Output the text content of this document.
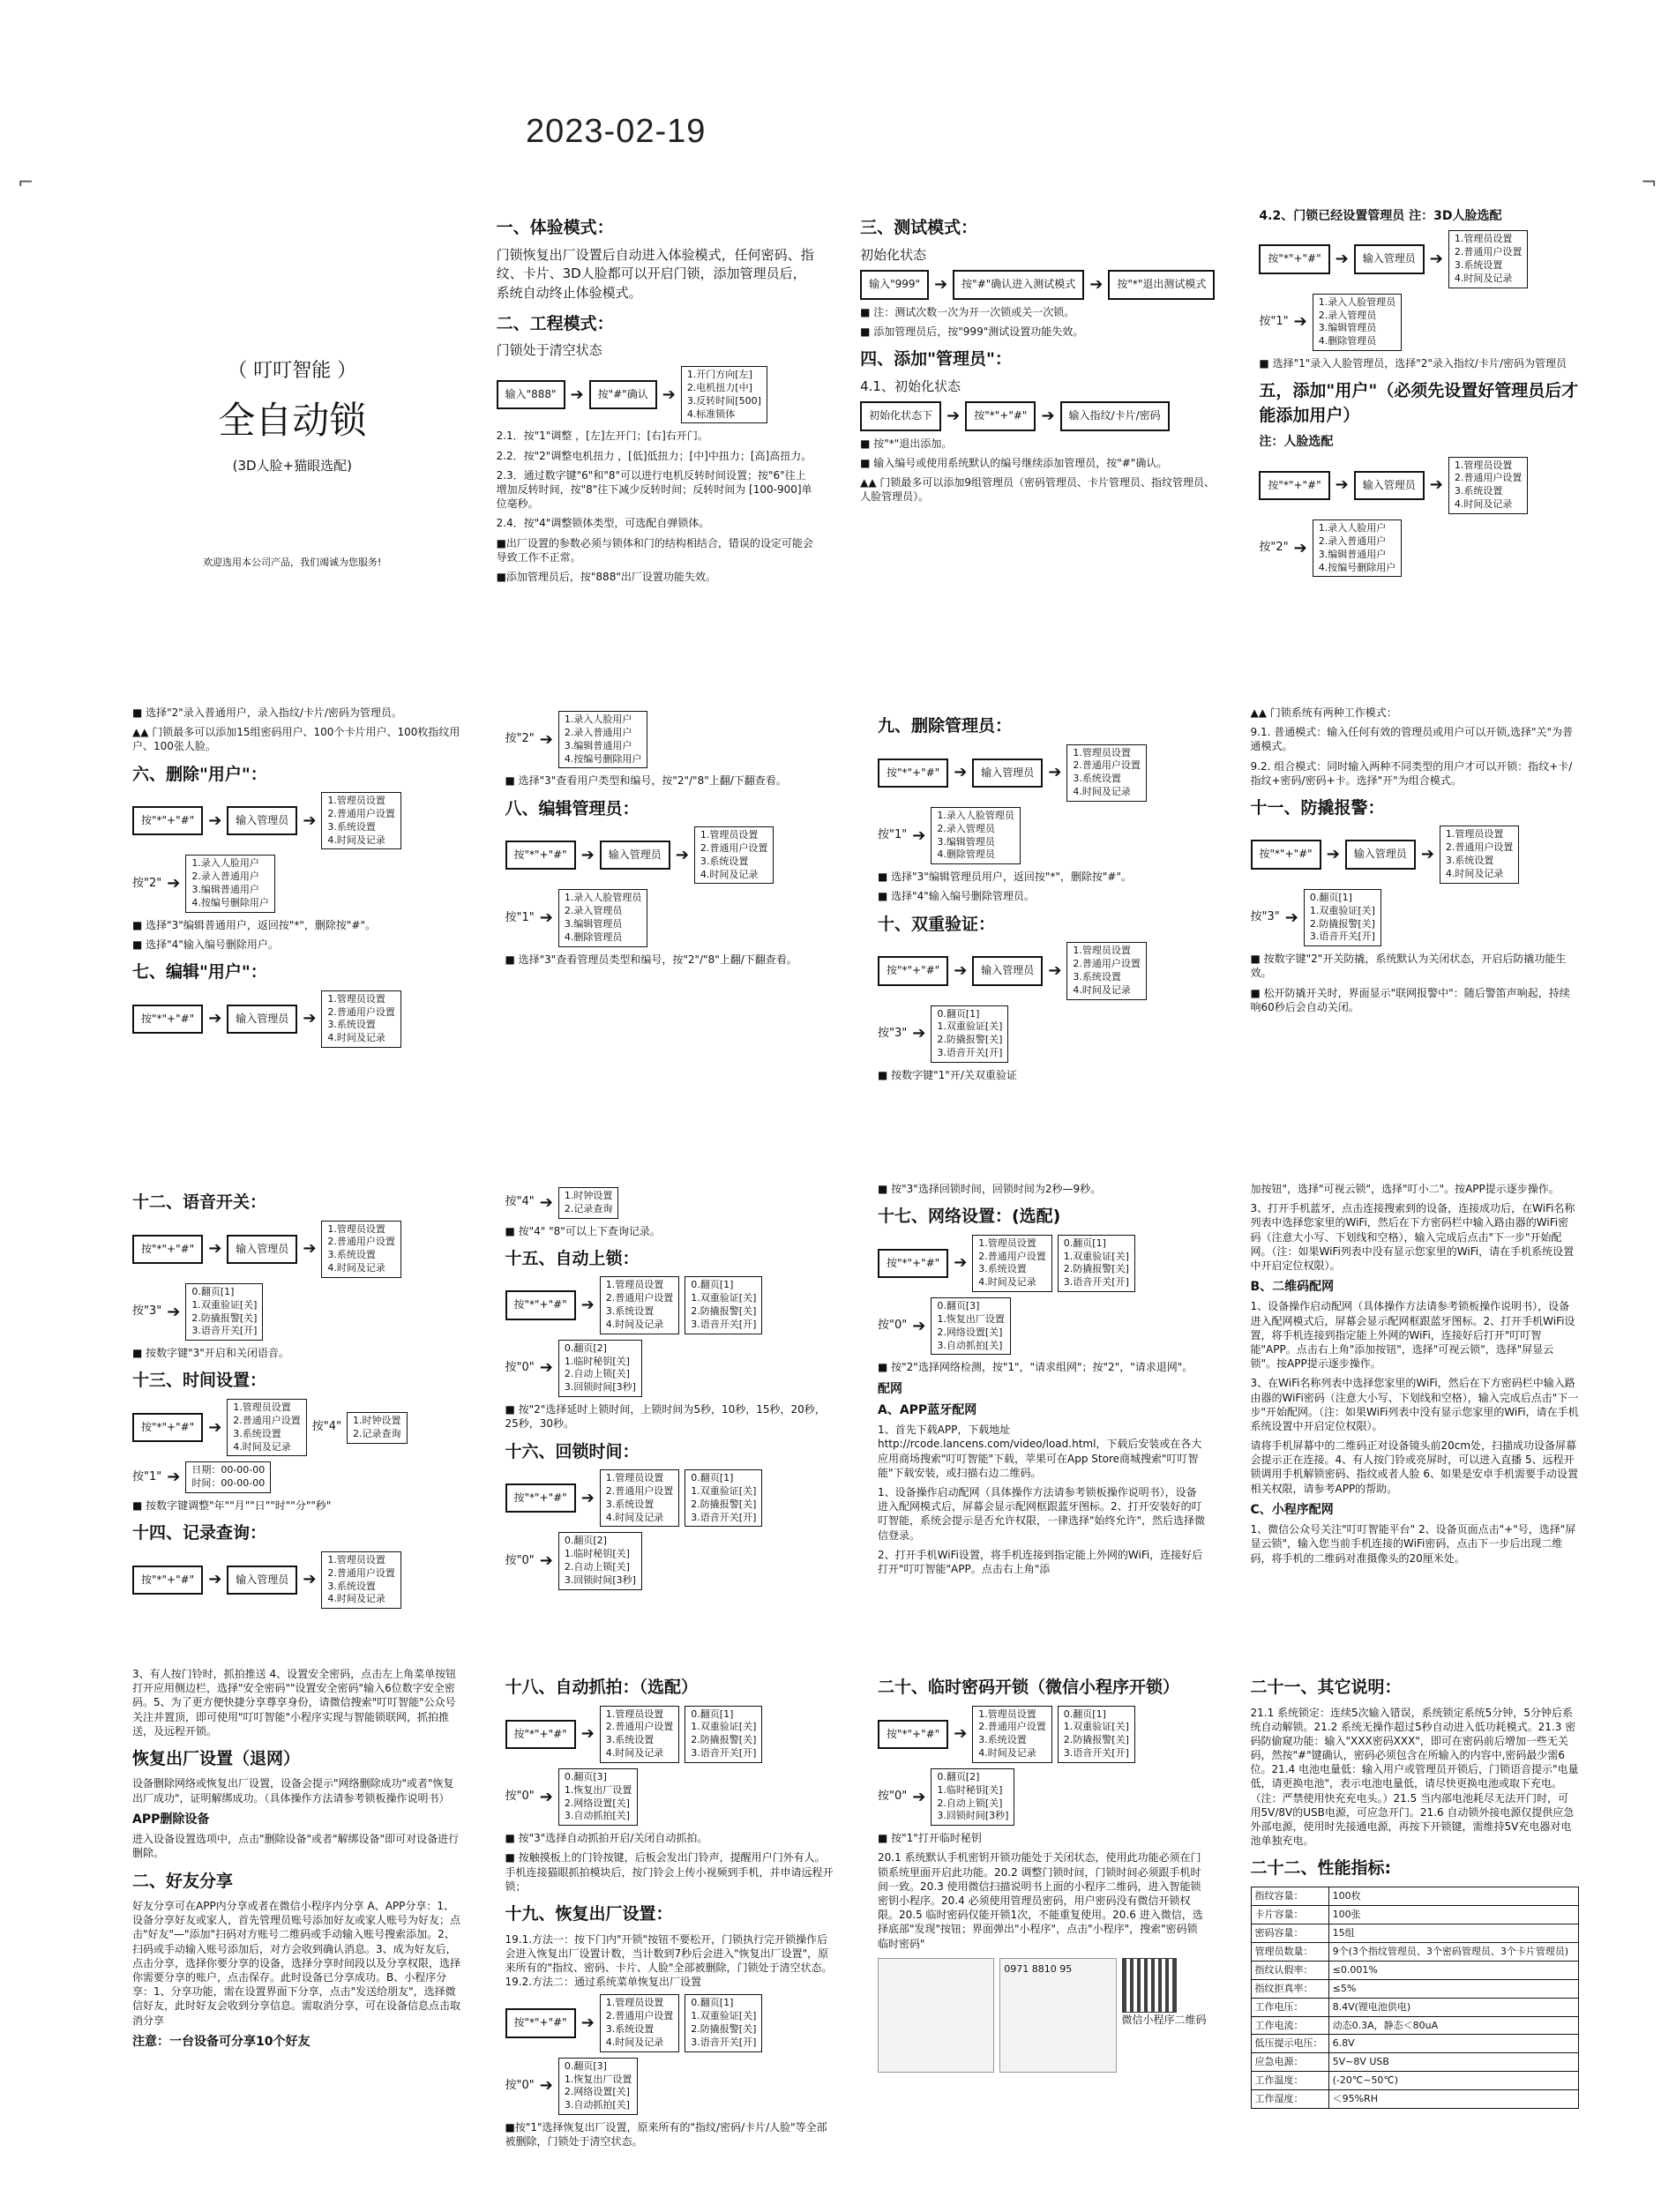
2023-02-19
⌐	¬
（ 叮叮智能 ）
全自动锁
(3D人脸+猫眼选配)
欢迎选用本公司产品，我们竭诚为您服务!
一、体验模式：

门锁恢复出厂设置后自动进入体验模式，任何密码、指纹、卡片、3D人脸都可以开启门锁，添加管理员后，系统自动终止体验模式。

二、工程模式：

门锁处于清空状态

输入"888" ➔	按"#"确认 ➔
1.开门方向[左]
2.电机扭力[中]
3.反转时间[500]
4.标准锁体

2.1．按"1"调整 ，[左]左开门；[右]右开门。

2.2．按"2"调整电机扭力 ，[低]低扭力；[中]中扭力；[高]高扭力。

2.3．通过数字键"6"和"8"可以进行电机反转时间设置；按"6"往上增加反转时间，按"8"往下减少反转时间；反转时间为 [100-900]单位毫秒。

2.4．按"4"调整锁体类型，可选配自弹锁体。

■出厂设置的参数必须与锁体和门的结构相结合，错误的设定可能会导致工作不正常。

■添加管理员后，按"888"出厂设置功能失效。

三、测试模式：

初始化状态

输入"999" ➔	按"#"确认进入测试模式 ➔	按"*"退出测试模式

■ 注：测试次数一次为开一次锁或关一次锁。

■ 添加管理员后，按"999"测试设置功能失效。

四、添加"管理员"：

4.1、初始化状态

初始化状态下 ➔	按"*"+"#" ➔	输入指纹/卡片/密码

■ 按"*"退出添加。

■ 输入编号或使用系统默认的编号继续添加管理员，按"#"确认。

▲▲ 门锁最多可以添加9组管理员（密码管理员、卡片管理员、指纹管理员、人脸管理员）。

4.2、门锁已经设置管理员 注：3D人脸选配

按"*"+"#" ➔	输入管理员 ➔
1.管理员设置
2.普通用户设置
3.系统设置
4.时间及记录
按"1" ➔
1.录入人脸管理员
2.录入管理员
3.编辑管理员
4.删除管理员

■ 选择"1"录入人脸管理员，选择"2"录入指纹/卡片/密码为管理员

五，添加"用户"（必须先设置好管理员后才能添加用户）

注：人脸选配

按"*"+"#" ➔	输入管理员 ➔
1.管理员设置
2.普通用户设置
3.系统设置
4.时间及记录
按"2" ➔
1.录入人脸用户
2.录入普通用户
3.编辑普通用户
4.按编号删除用户

■ 选择"2"录入普通用户，录入指纹/卡片/密码为管理员。

▲▲ 门锁最多可以添加15组密码用户、100个卡片用户、100枚指纹用户、100张人脸。

六、删除"用户"：
按"*"+"#" ➔	输入管理员 ➔
1.管理员设置
2.普通用户设置
3.系统设置
4.时间及记录
按"2" ➔
1.录入人脸用户
2.录入普通用户
3.编辑普通用户
4.按编号删除用户

■ 选择"3"编辑普通用户，返回按"*"，删除按"#"。

■ 选择"4"输入编号删除用户。

七、编辑"用户"：
按"*"+"#" ➔	输入管理员 ➔
1.管理员设置
2.普通用户设置
3.系统设置
4.时间及记录
按"2" ➔
1.录入人脸用户
2.录入普通用户
3.编辑普通用户
4.按编号删除用户

■ 选择"3"查看用户类型和编号，按"2"/"8"上翻/下翻查看。

八、编辑管理员：
按"*"+"#" ➔	输入管理员 ➔
1.管理员设置
2.普通用户设置
3.系统设置
4.时间及记录
按"1" ➔
1.录入人脸管理员
2.录入管理员
3.编辑管理员
4.删除管理员

■ 选择"3"查看管理员类型和编号，按"2"/"8"上翻/下翻查看。

九、删除管理员：
按"*"+"#" ➔	输入管理员 ➔
1.管理员设置
2.普通用户设置
3.系统设置
4.时间及记录
按"1" ➔
1.录入人脸管理员
2.录入管理员
3.编辑管理员
4.删除管理员

■ 选择"3"编辑管理员用户，返回按"*"，删除按"#"。

■ 选择"4"输入编号删除管理员。

十、双重验证：
按"*"+"#" ➔	输入管理员 ➔
1.管理员设置
2.普通用户设置
3.系统设置
4.时间及记录
按"3" ➔
0.翻页[1]
1.双重验证[关]
2.防撬报警[关]
3.语音开关[开]

■ 按数字键"1"开/关双重验证

▲▲ 门锁系统有两种工作模式：

9.1. 普通模式：输入任何有效的管理员或用户可以开锁,选择"关"为普通模式。

9.2. 组合模式：同时输入两种不同类型的用户才可以开锁：指纹+卡/指纹+密码/密码+卡。选择"开"为组合模式。

十一、防撬报警：
按"*"+"#" ➔	输入管理员 ➔
1.管理员设置
2.普通用户设置
3.系统设置
4.时间及记录
按"3" ➔
0.翻页[1]
1.双重验证[关]
2.防撬报警[关]
3.语音开关[开]

■ 按数字键"2"开关防撬，系统默认为关闭状态，开启后防撬功能生效。

■ 松开防撬开关时，界面显示"联网报警中"：随后警笛声响起，持续响60秒后会自动关闭。

十二、语音开关：
按"*"+"#" ➔	输入管理员 ➔
1.管理员设置
2.普通用户设置
3.系统设置
4.时间及记录
按"3" ➔
0.翻页[1]
1.双重验证[关]
2.防撬报警[关]
3.语音开关[开]

■ 按数字键"3"开启和关闭语音。

十三、时间设置：
按"*"+"#" ➔
1.管理员设置
2.普通用户设置
3.系统设置
4.时间及记录
按"4"	1.时钟设置
2.记录查询
按"1" ➔	日期：00-00-00
时间：00-00-00

■ 按数字键调整"年""月""日""时""分""秒"

十四、记录查询：
按"*"+"#" ➔	输入管理员 ➔
1.管理员设置
2.普通用户设置
3.系统设置
4.时间及记录
按"4" ➔	1.时钟设置
2.记录查询

■ 按"4" "8"可以上下查询记录。

十五、自动上锁：
按"*"+"#" ➔
1.管理员设置
2.普通用户设置
3.系统设置
4.时间及记录
0.翻页[1]
1.双重验证[关]
2.防撬报警[关]
3.语音开关[开]
按"0" ➔
0.翻页[2]
1.临时秘钥[关]
2.自动上锁[关]
3.回锁时间[3秒]

■ 按"2"选择延时上锁时间，上锁时间为5秒，10秒，15秒，20秒，25秒，30秒。

十六、回锁时间：
按"*"+"#" ➔
1.管理员设置
2.普通用户设置
3.系统设置
4.时间及记录
0.翻页[1]
1.双重验证[关]
2.防撬报警[关]
3.语音开关[开]
按"0" ➔
0.翻页[2]
1.临时秘钥[关]
2.自动上锁[关]
3.回锁时间[3秒]

■ 按"3"选择回锁时间，回锁时间为2秒—9秒。

十七、网络设置：(选配)
按"*"+"#" ➔
1.管理员设置
2.普通用户设置
3.系统设置
4.时间及记录
0.翻页[1]
1.双重验证[关]
2.防撬报警[关]
3.语音开关[开]
按"0" ➔
0.翻页[3]
1.恢复出厂设置
2.网络设置[关]
3.自动抓拍[关]

■ 按"2"选择网络检测，按"1"，"请求组网"；按"2"，"请求退网"。

配网
A、APP蓝牙配网

1、首先下载APP，下载地址http://rcode.lancens.com/video/load.html，下载后安装或在各大应用商场搜索"叮叮智能"下载，苹果可在App Store商城搜索"叮叮智能"下载安装，或扫描右边二维码。

1、设备操作启动配网（具体操作方法请参考锁板操作说明书），设备进入配网模式后，屏幕会显示配网框跟蓝牙图标。2、打开安装好的叮叮智能，系统会提示是否允许权限，一律选择"始终允许"，然后选择微信登录。

2、打开手机WiFi设置，将手机连接到指定能上外网的WiFi，连接好后打开"叮叮智能"APP。点击右上角"添

加按钮"，选择"可视云锁"，选择"叮小二"。按APP提示逐步操作。

3、打开手机蓝牙，点击连接搜索到的设备，连接成功后，在WiFi名称列表中选择您家里的WiFi，然后在下方密码栏中输入路由器的WiFi密码（注意大小写、下划线和空格），输入完成后点击"下一步"开始配网。（注：如果WiFi列表中没有显示您家里的WiFi，请在手机系统设置中开启定位权限）。

B、二维码配网

1、设备操作启动配网（具体操作方法请参考锁板操作说明书），设备进入配网模式后，屏幕会显示配网框跟蓝牙图标。2、打开手机WiFi设置，将手机连接到指定能上外网的WiFi，连接好后打开"叮叮智能"APP。点击右上角"添加按钮"，选择"可视云锁"，选择"屏显云锁"。按APP提示逐步操作。

3、在WiFi名称列表中选择您家里的WiFi，然后在下方密码栏中输入路由器的WiFi密码（注意大小写、下划线和空格），输入完成后点击"下一步"开始配网。（注：如果WiFi列表中没有显示您家里的WiFi，请在手机系统设置中开启定位权限）。

请将手机屏幕中的二维码正对设备镜头前20cm处，扫描成功设备屏幕会提示正在连接。4、有人按门铃或亮屏时，可以进入直播 5、远程开锁调用手机解锁密码、指纹或者人脸 6、如果是安卓手机需要手动设置相关权限，请参考APP的帮助。

C、小程序配网

1、微信公众号关注"叮叮智能平台" 2、设备页面点击"+"号，选择"屏显云锁"，输入您当前手机连接的WiFi密码，点击下一步后出现二维码，将手机的二维码对准摄像头的20厘米处。

3、有人按门铃时，抓拍推送 4、设置安全密码，点击左上角菜单按钮打开应用侧边栏，选择"安全密码""设置安全密码"输入6位数字安全密码。5、为了更方便快捷分享尊享身份，请微信搜索"叮叮智能"公众号关注并置顶，即可使用"叮叮智能"小程序实现与智能锁联网，抓拍推送，及远程开锁。

恢复出厂设置（退网）

设备删除网络或恢复出厂设置，设备会提示"网络删除成功"或者"恢复出厂成功"，证明解绑成功。（具体操作方法请参考锁板操作说明书）

APP删除设备

进入设备设置选项中，点击"删除设备"或者"解绑设备"即可对设备进行删除。

二、好友分享

好友分享可在APP内分享或者在微信小程序内分享 A、APP分享：1、设备分享好友或家人，首先管理员账号添加好友或家人账号为好友；点击"好友"—"添加"扫码对方账号二维码或手动输入账号搜索添加。2、扫码或手动输入账号添加后，对方会收到确认消息。3、成为好友后，点击分享，选择你要分享的设备，选择分享时间段以及分享权限，选择你需要分享的账户，点击保存。此时设备已分享成功。B、小程序分享：1、分享功能，需在设置界面下分享，点击"发送给朋友"，选择微信好友，此时好友会收到分享信息。需取消分享，可在设备信息点击取消分享

注意：一台设备可分享10个好友
十八、自动抓拍：（选配）
按"*"+"#" ➔
1.管理员设置
2.普通用户设置
3.系统设置
4.时间及记录
0.翻页[1]
1.双重验证[关]
2.防撬报警[关]
3.语音开关[开]
按"0" ➔
0.翻页[3]
1.恢复出厂设置
2.网络设置[关]
3.自动抓拍[关]

■ 按"3"选择自动抓拍开启/关闭自动抓拍。

■ 按触摸板上的门铃按键，后板会发出门铃声，提醒用户门外有人。手机连接猫眼抓拍模块后，按门铃会上传小视频到手机，并申请远程开锁；

十九、恢复出厂设置：

19.1.方法一：按下门内"开锁"按钮不要松开，门锁执行完开锁操作后会进入恢复出厂设置计数，当计数到7秒后会进入"恢复出厂设置"，原来所有的"指纹、密码、卡片、人脸"全部被删除，门锁处于清空状态。19.2.方法二：通过系统菜单恢复出厂设置

按"*"+"#" ➔
1.管理员设置
2.普通用户设置
3.系统设置
4.时间及记录
0.翻页[1]
1.双重验证[关]
2.防撬报警[关]
3.语音开关[开]
按"0" ➔
0.翻页[3]
1.恢复出厂设置
2.网络设置[关]
3.自动抓拍[关]

■按"1"选择恢复出厂设置，原来所有的"指纹/密码/卡片/人脸"等全部被删除，门锁处于清空状态。

二十、临时密码开锁（微信小程序开锁）
按"*"+"#" ➔
1.管理员设置
2.普通用户设置
3.系统设置
4.时间及记录
0.翻页[1]
1.双重验证[关]
2.防撬报警[关]
3.语音开关[开]
按"0" ➔
0.翻页[2]
1.临时秘钥[关]
2.自动上锁[关]
3.回锁时间[3秒]

■ 按"1"打开临时秘钥

20.1 系统默认手机密钥开锁功能处于关闭状态，使用此功能必须在门锁系统里面开启此功能。20.2 调整门锁时间，门锁时间必须跟手机时间一致。20.3 使用微信扫描说明书上面的小程序二维码，进入智能锁密钥小程序。20.4 必须使用管理员密码，用户密码没有微信开锁权限。20.5 临时密码仅能开锁1次，不能重复使用。20.6 进入微信，选择底部"发现"按钮；界面弹出"小程序"，点击"小程序"，搜索"密码锁临时密码"

0971 8810 95
微信小程序二维码
二十一、其它说明：

21.1 系统锁定：连续5次输入错误，系统锁定系统5分钟，5分钟后系统自动解锁。21.2 系统无操作超过5秒自动进入低功耗模式。21.3 密码防偷窥功能：输入"XXX密码XXX"，即可在密码前后增加一些无关码，然按"#"键确认，密码必须包含在所输入的内容中,密码最少需6位。21.4 电池电量低：输入用户或管理员开锁后，门锁语音提示"电量低，请更换电池"，表示电池电量低，请尽快更换电池或取下充电。（注：严禁使用快充充电头。）21.5 当内部电池耗尽无法开门时，可用5V/8V的USB电源，可应急开门。21.6 自动锁外接电源仅提供应急外部电源，使用时先接通电源，再按下开锁键，需维持5V充电器对电池单独充电。

二十二、性能指标:
指纹容量：	100枚
卡片容量：	100张
密码容量：	15组
管理员数量：	9个(3个指纹管理员、3个密码管理员、3个卡片管理员)
指纹认假率：	≤0.001%
指纹拒真率：	≤5%
工作电压：	8.4V(锂电池供电)
工作电流：	动态0.3A，静态＜80uA
低压提示电压：	6.8V
应急电源：	5V~8V USB
工作温度：	(-20℃~50℃)
工作湿度：	＜95%RH
